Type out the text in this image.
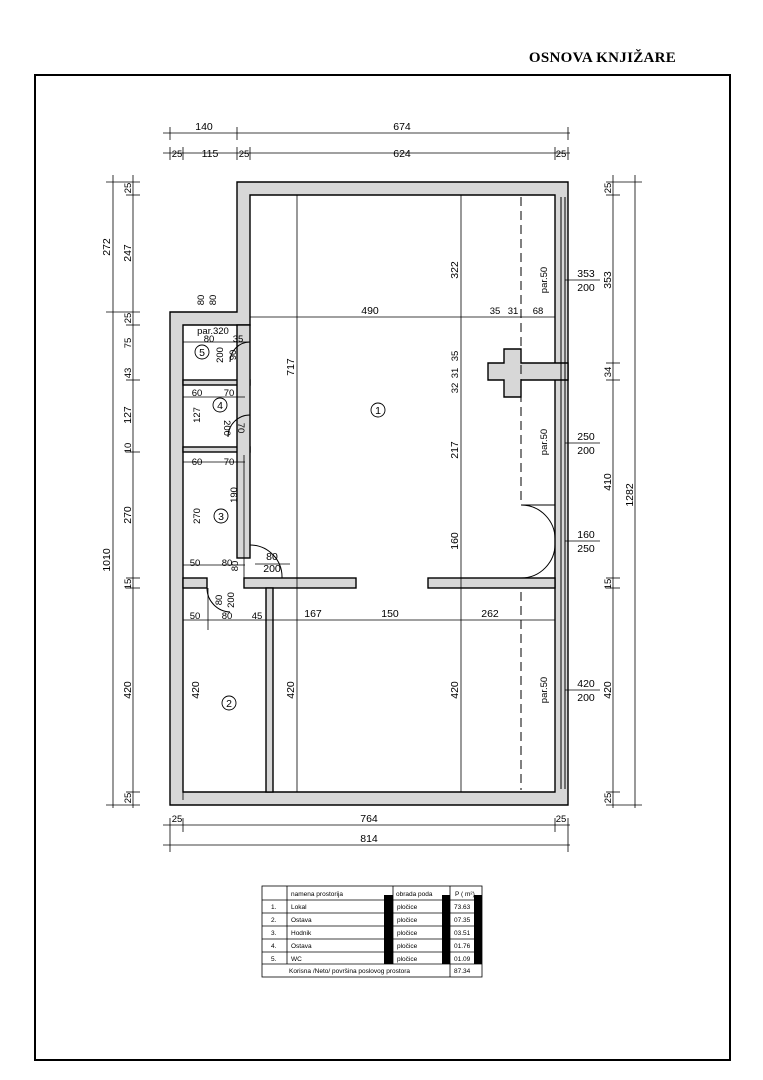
OSNOVA KNJIŽARE
1
2
3
4
5
140	674
25 115 25	624	25
272
1010
25
247
25
75
43
127
10
270
15
420
25
25
353
34
410
15
420
25
1282
353
200
250
200
160
250
420
200
par.50
par.50
par.50
490	35 31 68
322
35
31
32
217
160
717
167	150	262
420	420	420
80 80
par.320
80 35
90
200
60 70
127
70
200
60 70
190
270
50 80
80
80
200
80 200
50 80 45
25	764	25
814
namena prostorija	obrada poda	P ( m²)
1. Lokal	pločice	73.63
2. Ostava	pločice	07.35
3. Hodnik	pločice	03.51
4. Ostava	pločice	01.76
5. WC	pločice	01.09
Korisna /Neto/ površina poslovog prostora	87.34
